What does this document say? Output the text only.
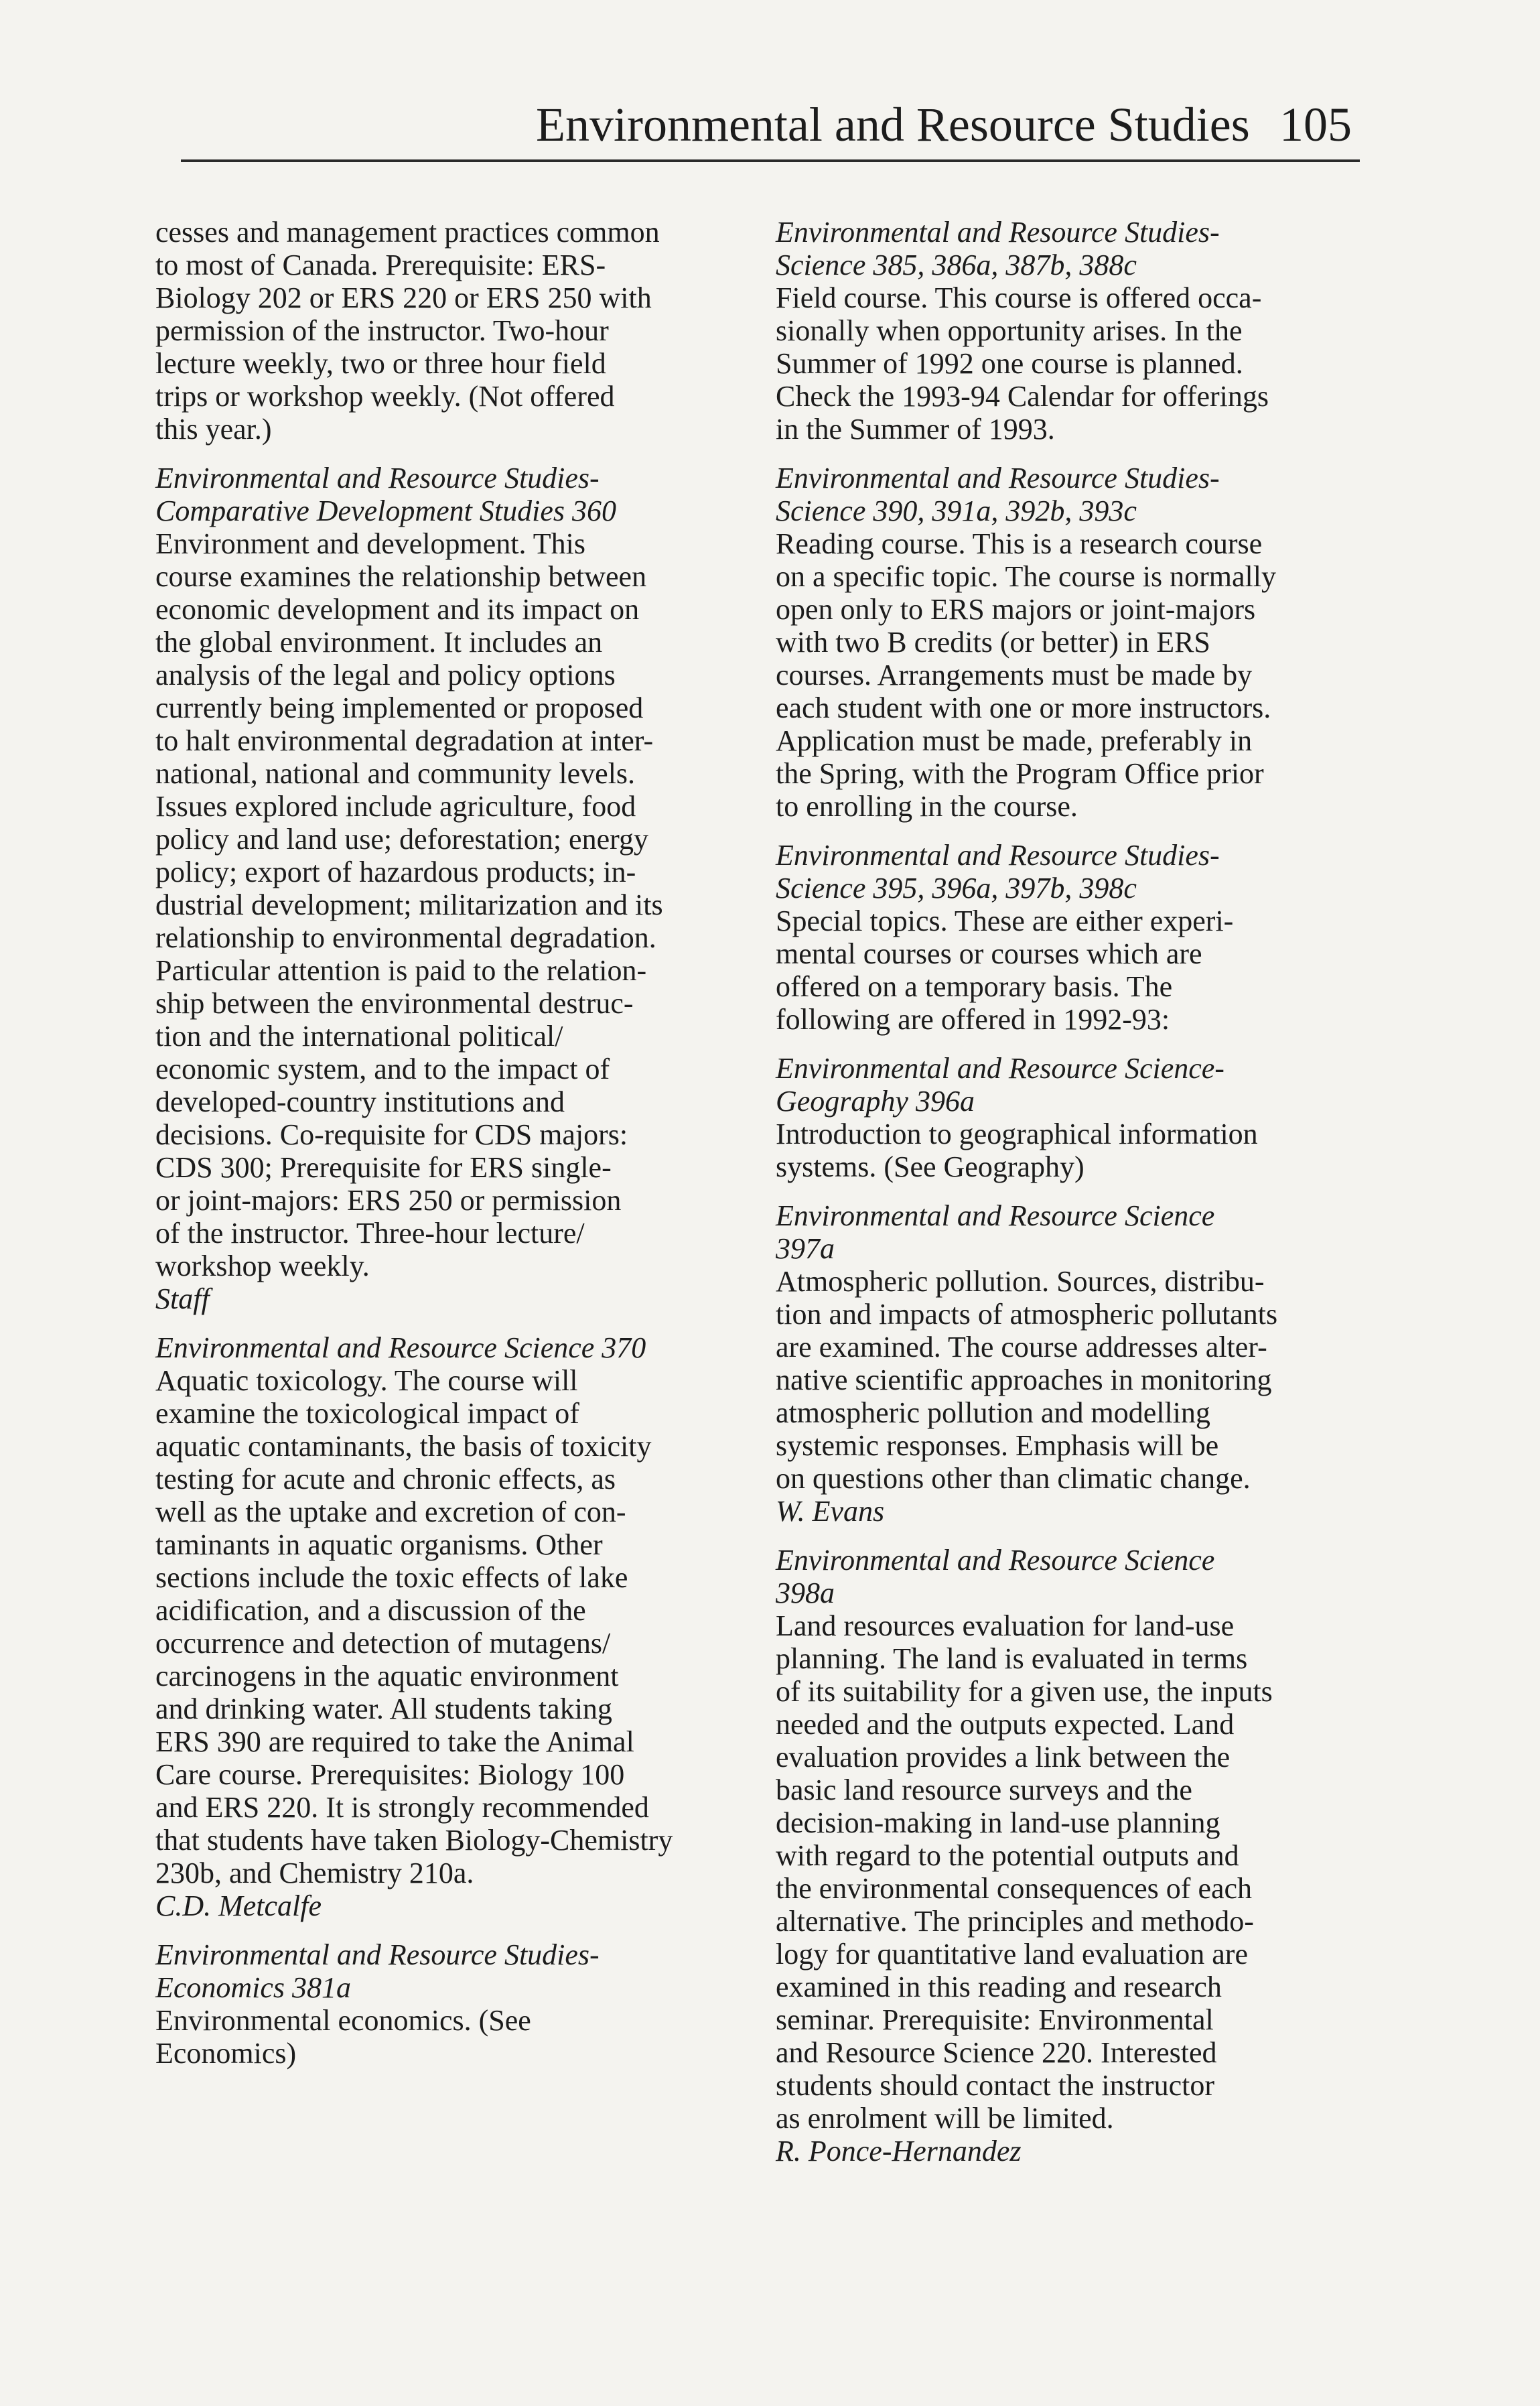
Environmental and Resource Studies 105
cesses and management practices common
to most of Canada. Prerequisite: ERS-
Biology 202 or ERS 220 or ERS 250 with
permission of the instructor. Two-hour
lecture weekly, two or three hour field
trips or workshop weekly. (Not offered
this year.)
Environmental and Resource Studies-
Comparative Development Studies 360
Environment and development. This
course examines the relationship between
economic development and its impact on
the global environment. It includes an
analysis of the legal and policy options
currently being implemented or proposed
to halt environmental degradation at inter-
national, national and community levels.
Issues explored include agriculture, food
policy and land use; deforestation; energy
policy; export of hazardous products; in-
dustrial development; militarization and its
relationship to environmental degradation.
Particular attention is paid to the relation-
ship between the environmental destruc-
tion and the international political/
economic system, and to the impact of
developed-country institutions and
decisions. Co-requisite for CDS majors:
CDS 300; Prerequisite for ERS single-
or joint-majors: ERS 250 or permission
of the instructor. Three-hour lecture/
workshop weekly.
Staff
Environmental and Resource Science 370
Aquatic toxicology. The course will
examine the toxicological impact of
aquatic contaminants, the basis of toxicity
testing for acute and chronic effects, as
well as the uptake and excretion of con-
taminants in aquatic organisms. Other
sections include the toxic effects of lake
acidification, and a discussion of the
occurrence and detection of mutagens/
carcinogens in the aquatic environment
and drinking water. All students taking
ERS 390 are required to take the Animal
Care course. Prerequisites: Biology 100
and ERS 220. It is strongly recommended
that students have taken Biology-Chemistry
230b, and Chemistry 210a.
C.D. Metcalfe
Environmental and Resource Studies-
Economics 381a
Environmental economics. (See
Economics)
Environmental and Resource Studies-
Science 385, 386a, 387b, 388c
Field course. This course is offered occa-
sionally when opportunity arises. In the
Summer of 1992 one course is planned.
Check the 1993-94 Calendar for offerings
in the Summer of 1993.
Environmental and Resource Studies-
Science 390, 391a, 392b, 393c
Reading course. This is a research course
on a specific topic. The course is normally
open only to ERS majors or joint-majors
with two B credits (or better) in ERS
courses. Arrangements must be made by
each student with one or more instructors.
Application must be made, preferably in
the Spring, with the Program Office prior
to enrolling in the course.
Environmental and Resource Studies-
Science 395, 396a, 397b, 398c
Special topics. These are either experi-
mental courses or courses which are
offered on a temporary basis. The
following are offered in 1992-93:
Environmental and Resource Science-
Geography 396a
Introduction to geographical information
systems. (See Geography)
Environmental and Resource Science
397a
Atmospheric pollution. Sources, distribu-
tion and impacts of atmospheric pollutants
are examined. The course addresses alter-
native scientific approaches in monitoring
atmospheric pollution and modelling
systemic responses. Emphasis will be
on questions other than climatic change.
W. Evans
Environmental and Resource Science
398a
Land resources evaluation for land-use
planning. The land is evaluated in terms
of its suitability for a given use, the inputs
needed and the outputs expected. Land
evaluation provides a link between the
basic land resource surveys and the
decision-making in land-use planning
with regard to the potential outputs and
the environmental consequences of each
alternative. The principles and methodo-
logy for quantitative land evaluation are
examined in this reading and research
seminar. Prerequisite: Environmental
and Resource Science 220. Interested
students should contact the instructor
as enrolment will be limited.
R. Ponce-Hernandez
